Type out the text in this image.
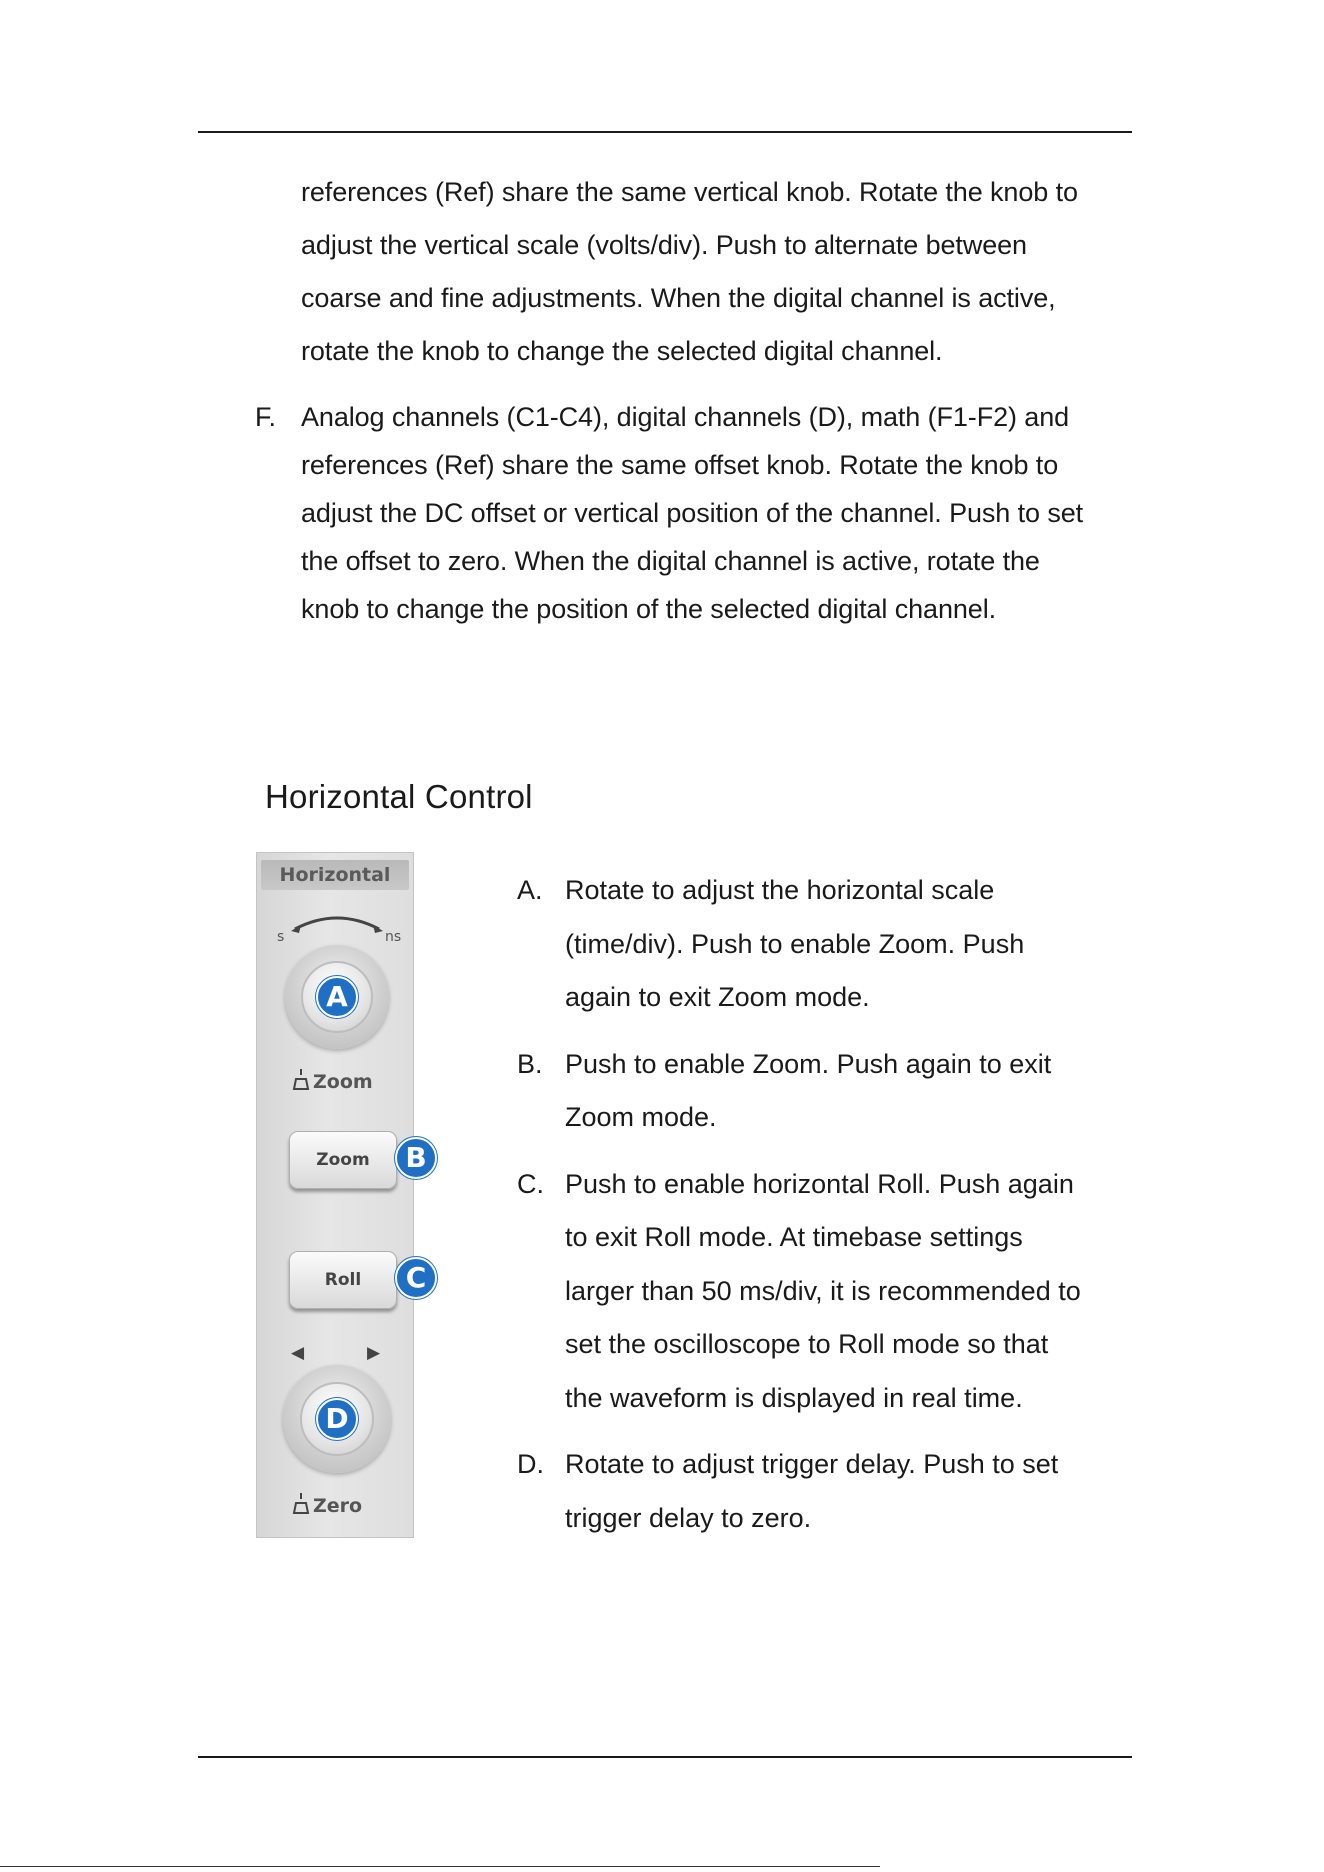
references (Ref) share the same vertical knob. Rotate the knob to
adjust the vertical scale (volts/div). Push to alternate between
coarse and fine adjustments. When the digital channel is active,
rotate the knob to change the selected digital channel.
F. Analog channels (C1-C4), digital channels (D), math (F1-F2) and
references (Ref) share the same offset knob. Rotate the knob to
adjust the DC offset or vertical position of the channel. Push to set
the offset to zero. When the digital channel is active, rotate the
knob to change the position of the selected digital channel.
Horizontal Control
Horizontal
s	ns
A
Zoom
Zoom	B
Roll	C
◀	▶
D
Zero
A. Rotate to adjust the horizontal scale
(time/div). Push to enable Zoom. Push
again to exit Zoom mode.
B. Push to enable Zoom. Push again to exit
Zoom mode.
C. Push to enable horizontal Roll. Push again
to exit Roll mode. At timebase settings
larger than 50 ms/div, it is recommended to
set the oscilloscope to Roll mode so that
the waveform is displayed in real time.
D. Rotate to adjust trigger delay. Push to set
trigger delay to zero.
